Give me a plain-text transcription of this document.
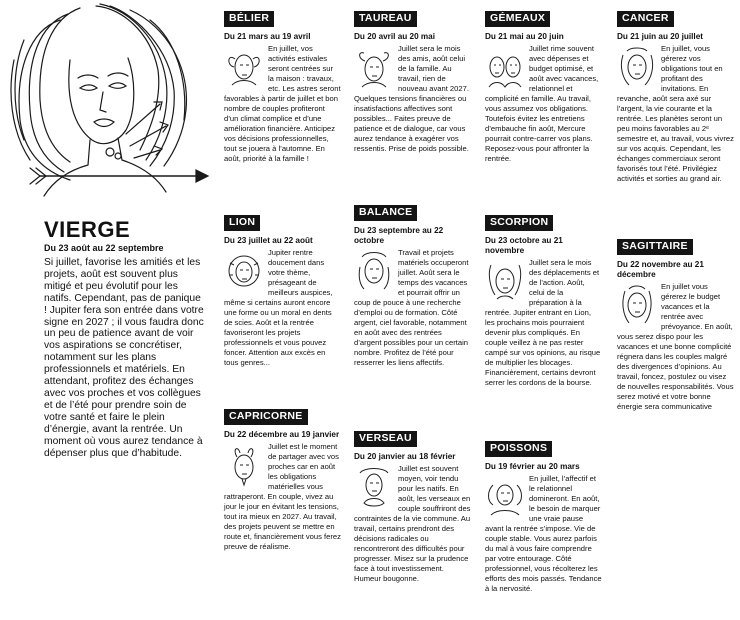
VIERGE
Du 23 août au 22 septembre
Si juillet, favorise les amitiés et les projets, août est souvent plus mitigé et peu évolutif pour les natifs. Cependant, pas de panique ! Jupiter fera son entrée dans votre signe en 2027 ; il vous faudra donc un peu de patience avant de voir vos aspirations se concrétiser, notamment sur les plans professionnels et matériels. En attendant, profitez des échanges avec vos proches et vos collègues et de l’été pour prendre soin de votre santé et faire le plein d’énergie, avant la rentrée. Un moment où vous aurez tendance à dépenser plus que d’habitude.
BÉLIER
Du 21 mars au 19 avril
En juillet, vos activités estivales seront centrées sur la maison : travaux, etc. Les astres seront favorables à partir de juillet et bon nombre de couples profiteront d’un climat complice et d’une amélioration financière. Anticipez vos décisions professionnelles, tout se jouera à l’automne. En août, priorité à la famille !
LION
Du 23 juillet au 22 août
Jupiter rentre doucement dans votre thème, présageant de meilleurs auspices, même si certains auront encore une forme ou un moral en dents de scies. Août et la rentrée favoriseront les projets professionnels et vous pouvez foncer. Attention aux excès en tous genres...
CAPRICORNE
Du 22 décembre au 19 janvier
Juillet est le moment de partager avec vos proches car en août les obligations matérielles vous rattraperont. En couple, vivez au jour le jour en évitant les tensions, tout ira mieux en 2027. Au travail, des projets peuvent se mettre en route et, financièrement vous ferez preuve de réalisme.
TAUREAU
Du 20 avril au 20 mai
Juillet sera le mois des amis, août celui de la famille. Au travail, rien de nouveau avant 2027. Quelques tensions financières ou insatisfactions affectives sont possibles... Faites preuve de patience et de dialogue, car vous aurez tendance à exagérer vos ressentis. Prise de poids possible.
BALANCE
Du 23 septembre au 22 octobre
Travail et projets matériels occuperont juillet. Août sera le temps des vacances et pourrait offrir un coup de pouce à une recherche d’emploi ou de formation. Côté argent, ciel favorable, notamment en août avec des rentrées d’argent possibles pour un certain nombre. Profitez de l’été pour resserrer les liens affectifs.
VERSEAU
Du 20 janvier au 18 février
Juillet est souvent moyen, voir tendu pour les natifs. En août, les verseaux en couple souffriront des contraintes de la vie commune. Au travail, certains prendront des décisions radicales ou rencontreront des difficultés pour progresser. Misez sur la prudence face à tout investissement. Humeur bougonne.
GÉMEAUX
Du 21 mai au 20 juin
Juillet rime souvent avec dépenses et budget optimisé, et août avec vacances, relationnel et complicité en famille. Au travail, vous assumez vos obligations. Toutefois évitez les entretiens d’embauche fin août, Mercure pourrait contre-carrer vos plans. Reposez-vous pour affronter la rentrée.
SCORPION
Du 23 octobre au 21 novembre
Juillet sera le mois des déplacements et de l’action. Août, celui de la préparation à la rentrée. Jupiter entrant en Lion, les prochains mois pourraient devenir plus compliqués. En couple veillez à ne pas rester campé sur vos opinions, au risque de multiplier les blocages. Financièrement, certains devront serrer les cordons de la bourse.
POISSONS
Du 19 février au 20 mars
En juillet, l’affectif et le relationnel domineront. En août, le besoin de marquer une vraie pause avant la rentrée s’impose. Vie de couple stable. Vous aurez parfois du mal à vous faire comprendre par votre entourage. Côté professionnel, vous récolterez les efforts des mois passés. Tendance à la nervosité.
CANCER
Du 21 juin au 20 juillet
En juillet, vous gérerez vos obligations tout en profitant des invitations. En revanche, août sera axé sur l’argent, la vie courante et la rentrée. Les planètes seront un peu moins favorables au 2ᵉ semestre et, au travail, vous vivrez sur vos acquis. Cependant, les échanges commerciaux seront favorisés tout l’été. Privilégiez activités et sorties au grand air.
SAGITTAIRE
Du 22 novembre au 21 décembre
En juillet vous gérerez le budget vacances et la rentrée avec prévoyance. En août, vous serez dispo pour les vacances et une bonne complicité régnera dans les couples malgré des divergences d’opinions. Au travail, foncez, postulez ou visez de nouvelles responsabilités. Vous serez motivé et votre bonne énergie sera communicative
